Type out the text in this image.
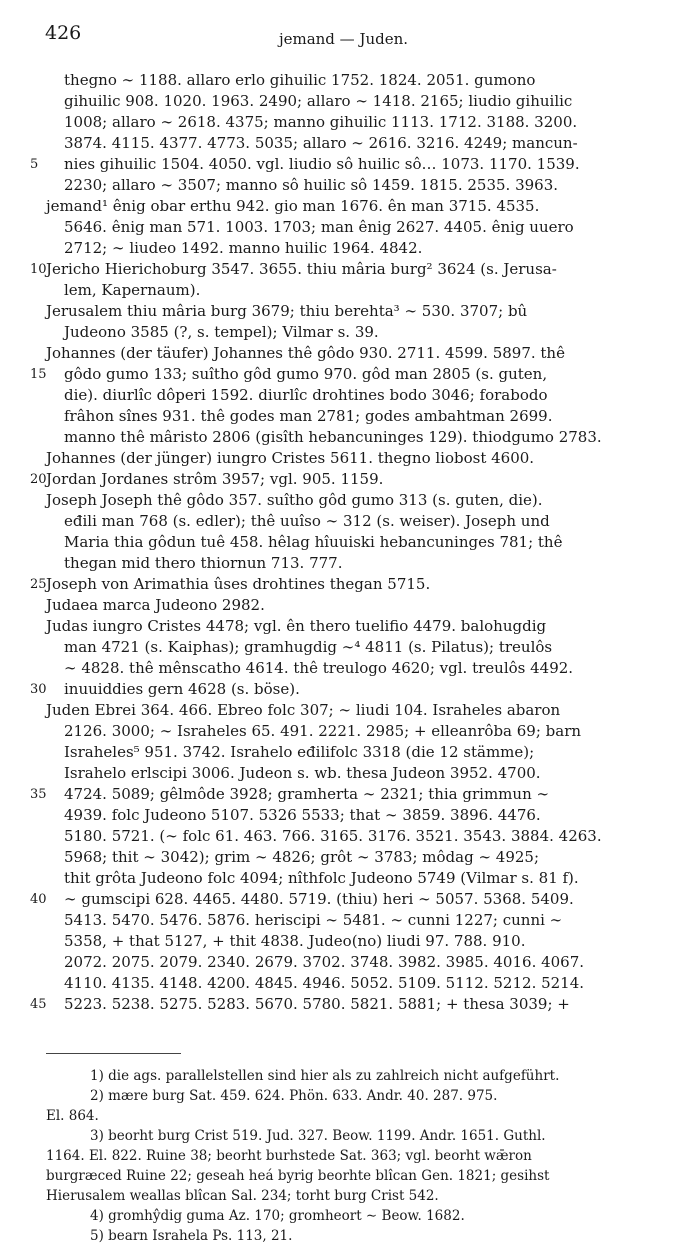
426	jemand — Juden.
thegno ∼ 1188. allaro erlo gihuilic 1752. 1824. 2051. gumono
gihuilic 908. 1020. 1963. 2490; allaro ∼ 1418. 2165; liudio gihuilic
1008; allaro ∼ 2618. 4375; manno gihuilic 1113. 1712. 3188. 3200.
3874. 4115. 4377. 4773. 5035; allaro ∼ 2616. 3216. 4249; mancun-
5	nies gihuilic 1504. 4050. vgl. liudio sô huilic sô… 1073. 1170. 1539.
2230; allaro ∼ 3507; manno sô huilic sô 1459. 1815. 2535. 3963.
jemand¹ ênig obar erthu 942. gio man 1676. ên man 3715. 4535.
5646. ênig man 571. 1003. 1703; man ênig 2627. 4405. ênig uuero
2712; ∼ liudeo 1492. manno huilic 1964. 4842.
10 Jericho Hierichoburg 3547. 3655. thiu mâria burg² 3624 (s. Jerusa-
lem, Kapernaum).
Jerusalem thiu mâria burg 3679; thiu berehta³ ∼ 530. 3707; bû
Judeono 3585 (?, s. tempel); Vilmar s. 39.
Johannes (der täufer) Johannes thê gôdo 930. 2711. 4599. 5897. thê
15 gôdo gumo 133; suîtho gôd gumo 970. gôd man 2805 (s. guten,
die). diurlîc dôperi 1592. diurlîc drohtines bodo 3046; forabodo
frâhon sînes 931. thê godes man 2781; godes ambahtman 2699.
manno thê mâristo 2806 (gisîth hebancuninges 129). thiodgumo 2783.
Johannes (der jünger) iungro Cristes 5611. thegno liobost 4600.
20 Jordan Jordanes strôm 3957; vgl. 905. 1159.
Joseph Joseph thê gôdo 357. suîtho gôd gumo 313 (s. guten, die).
eđili man 768 (s. edler); thê uuîso ∼ 312 (s. weiser). Joseph und
Maria thia gôdun tuê 458. hêlag hîuuiski hebancuninges 781; thê
thegan mid thero thiornun 713. 777.
25 Joseph von Arimathia ûses drohtines thegan 5715.
Judaea marca Judeono 2982.
Judas iungro Cristes 4478; vgl. ên thero tuelifio 4479. balohugdig
man 4721 (s. Kaiphas); gramhugdig ∼⁴ 4811 (s. Pilatus); treulôs
∼ 4828. thê mênscatho 4614. thê treulogo 4620; vgl. treulôs 4492.
30 inuuiddies gern 4628 (s. böse).
Juden Ebrei 364. 466. Ebreo folc 307; ∼ liudi 104. Israheles abaron
2126. 3000; ∼ Israheles 65. 491. 2221. 2985; + elleanrôba 69; barn
Israheles⁵ 951. 3742. Israhelo eđilifolc 3318 (die 12 stämme);
Israhelo erlscipi 3006. Judeon s. wb. thesa Judeon 3952. 4700.
35 4724. 5089; gêlmôde 3928; gramherta ∼ 2321; thia grimmun ∼
4939. folc Judeono 5107. 5326 5533; that ∼ 3859. 3896. 4476.
5180. 5721. (∼ folc 61. 463. 766. 3165. 3176. 3521. 3543. 3884. 4263.
5968; thit ∼ 3042); grim ∼ 4826; grôt ∼ 3783; môdag ∼ 4925;
thit grôta Judeono folc 4094; nîthfolc Judeono 5749 (Vilmar s. 81 f).
40 ∼ gumscipi 628. 4465. 4480. 5719. (thiu) heri ∼ 5057. 5368. 5409.
5413. 5470. 5476. 5876. heriscipi ∼ 5481. ∼ cunni 1227; cunni ∼
5358, + that 5127, + thit 4838. Judeo(no) liudi 97. 788. 910.
2072. 2075. 2079. 2340. 2679. 3702. 3748. 3982. 3985. 4016. 4067.
4110. 4135. 4148. 4200. 4845. 4946. 5052. 5109. 5112. 5212. 5214.
45 5223. 5238. 5275. 5283. 5670. 5780. 5821. 5881; + thesa 3039; +
1) die ags. parallelstellen sind hier als zu zahlreich nicht aufgeführt.
2) mære burg Sat. 459. 624. Phön. 633. Andr. 40. 287. 975.
El. 864.
3) beorht burg Crist 519. Jud. 327. Beow. 1199. Andr. 1651. Guthl.
1164. El. 822. Ruine 38; beorht burhstede Sat. 363; vgl. beorht wǣron
burgræced Ruine 22; geseah heá byrig beorhte blîcan Gen. 1821; gesihst
Hierusalem weallas blîcan Sal. 234; torht burg Crist 542.
4) gromhŷdig guma Az. 170; gromheort ∼ Beow. 1682.
5) bearn Israhela Ps. 113, 21.
